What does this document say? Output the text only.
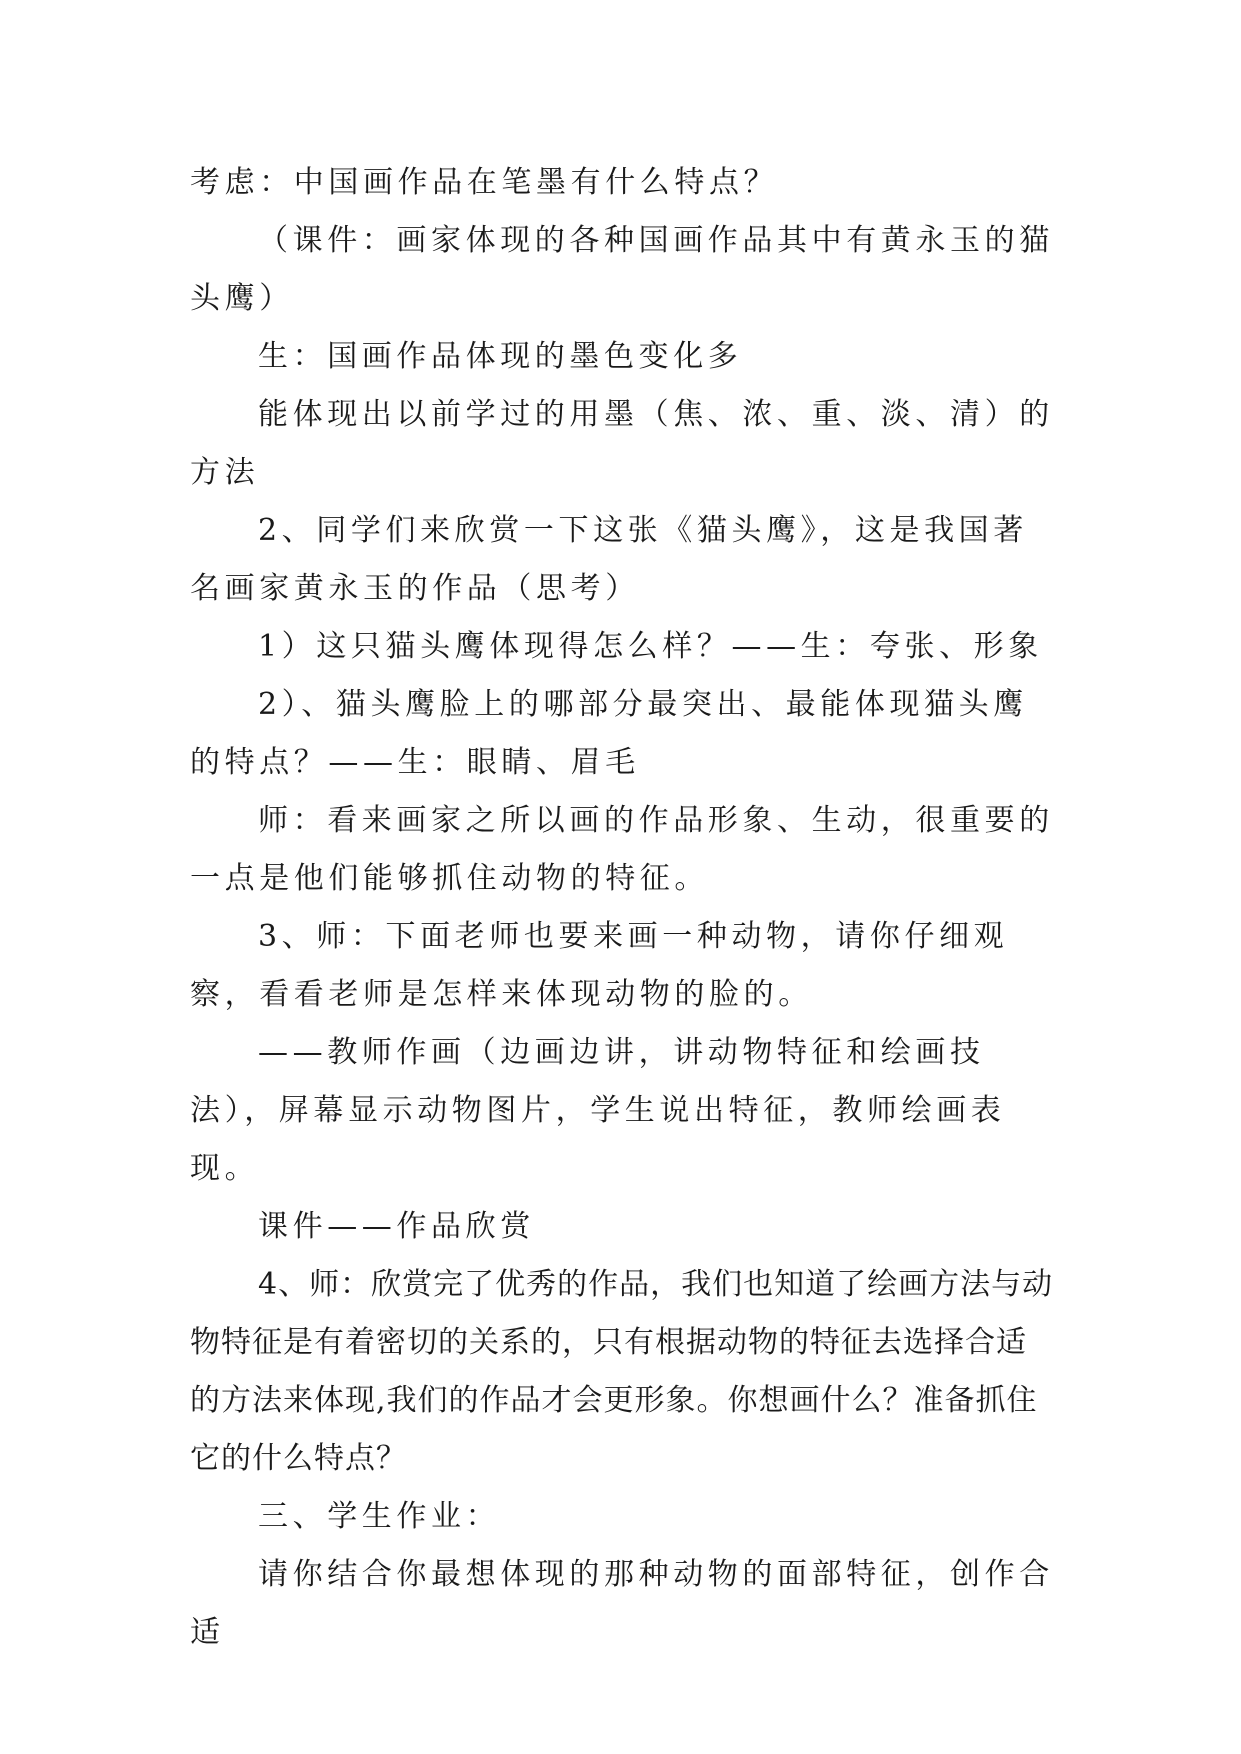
考虑：中国画作品在笔墨有什么特点？

（课件：画家体现的各种国画作品其中有黄永玉的猫头鹰）

生：国画作品体现的墨色变化多

能体现出以前学过的用墨（焦、浓、重、淡、清）的方法

2、同学们来欣赏一下这张《猫头鹰》，这是我国著名画家黄永玉的作品（思考）

1）这只猫头鹰体现得怎么样？——生：夸张、形象

2）、猫头鹰脸上的哪部分最突出、最能体现猫头鹰的特点？——生：眼睛、眉毛

师：看来画家之所以画的作品形象、生动，很重要的一点是他们能够抓住动物的特征。

3、师：下面老师也要来画一种动物，请你仔细观察，看看老师是怎样来体现动物的脸的。

——教师作画（边画边讲，讲动物特征和绘画技法），屏幕显示动物图片，学生说出特征，教师绘画表现。

课件——作品欣赏

4、师：欣赏完了优秀的作品，我们也知道了绘画方法与动物特征是有着密切的关系的，只有根据动物的特征去选择合适的方法来体现,我们的作品才会更形象。你想画什么？准备抓住它的什么特点？

三、学生作业：

请你结合你最想体现的那种动物的面部特征，创作合适
